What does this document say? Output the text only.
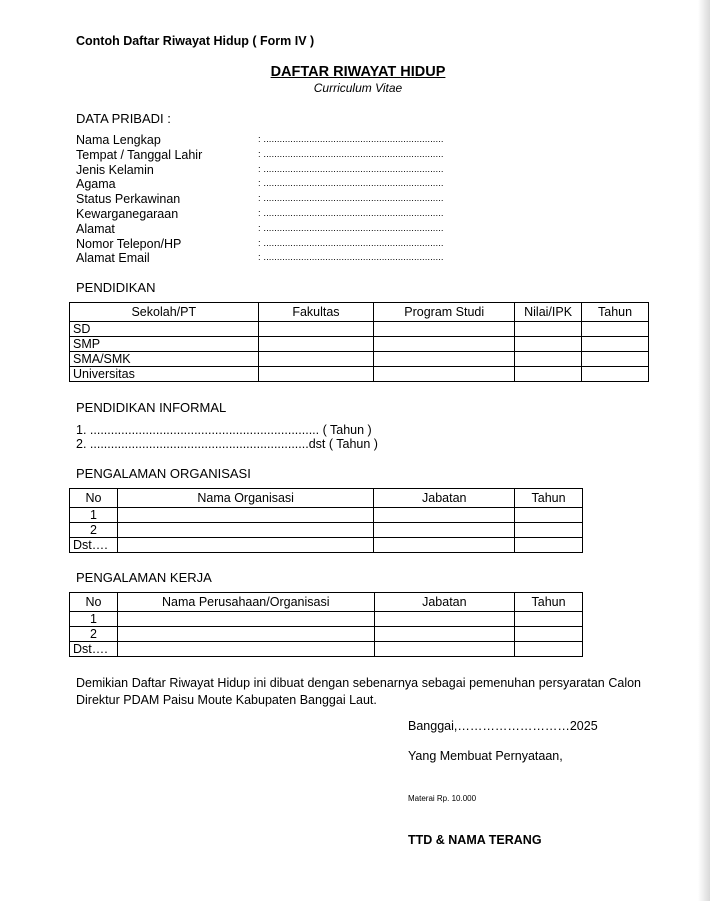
Contoh Daftar Riwayat Hidup ( Form IV )
DAFTAR RIWAYAT HIDUP
Curriculum Vitae
DATA PRIBADI :
Nama Lengkap	: ...................................................................
Tempat / Tanggal Lahir	: ...................................................................
Jenis Kelamin	: ...................................................................
Agama	: ...................................................................
Status Perkawinan	: ...................................................................
Kewarganegaraan	: ...................................................................
Alamat	: ...................................................................
Nomor Telepon/HP	: ...................................................................
Alamat Email	: ...................................................................
PENDIDIKAN
Sekolah/PT	Fakultas	Program Studi	Nilai/IPK	Tahun
SD				
SMP				
SMA/SMK				
Universitas				
PENDIDIKAN INFORMAL
1. .................................................................. ( Tahun )
2. ...............................................................dst ( Tahun )
PENGALAMAN ORGANISASI
No	Nama Organisasi	Jabatan	Tahun
1			
2			
Dst….			
PENGALAMAN KERJA
No	Nama Perusahaan/Organisasi	Jabatan	Tahun
1			
2			
Dst….			
Demikian Daftar Riwayat Hidup ini dibuat dengan sebenarnya sebagai pemenuhan persyaratan Calon Direktur PDAM Paisu Moute Kabupaten Banggai Laut.
Banggai,………………………2025
Yang Membuat Pernyataan,
Materai Rp. 10.000
TTD & NAMA TERANG
